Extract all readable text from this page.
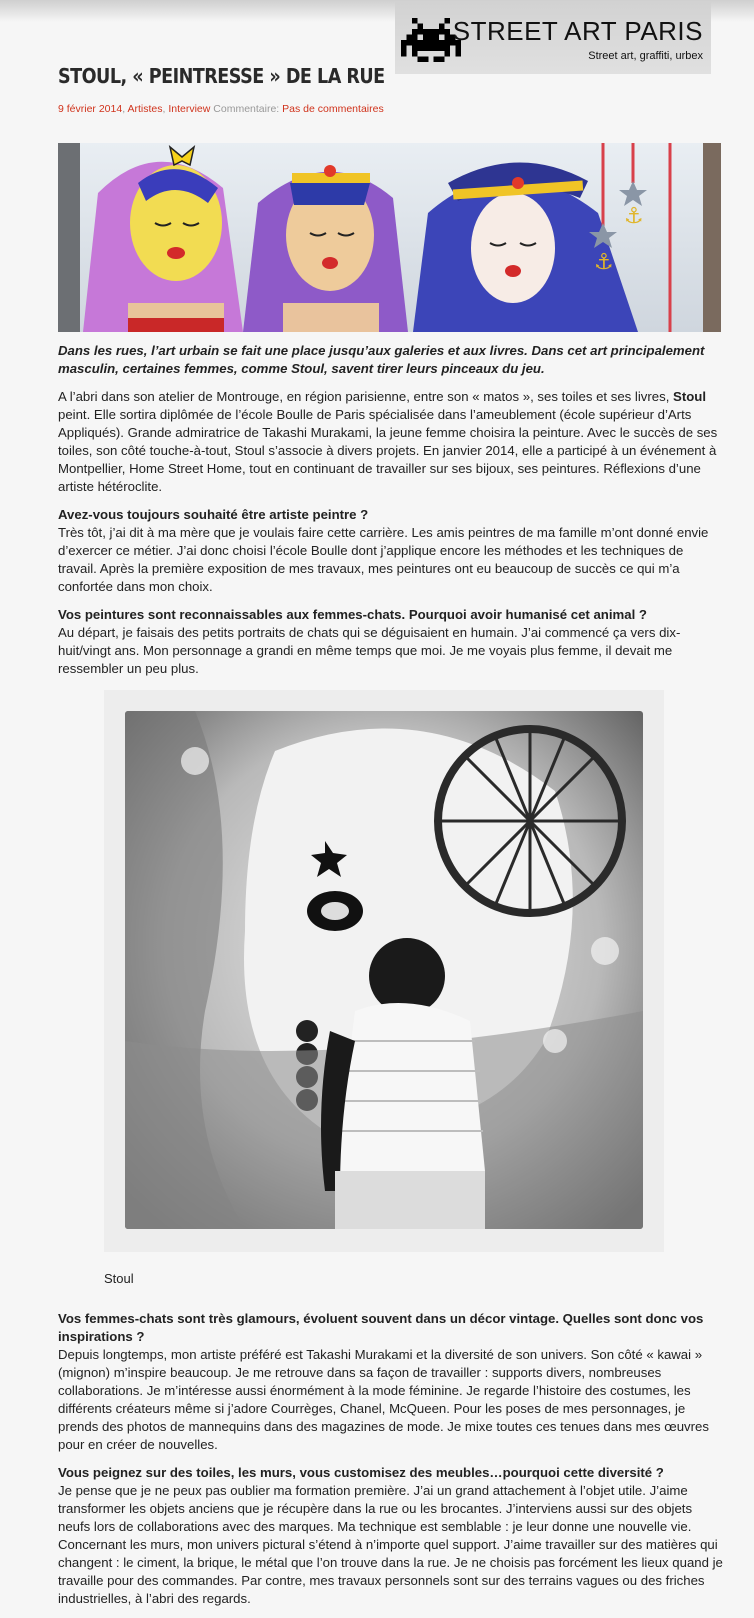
STREET ART PARIS
Street art, graffiti, urbex
STOUL, « PEINTRESSE » DE LA RUE
9 février 2014, Artistes, Interview Commentaire: Pas de commentaires
⚓
⚓

Dans les rues, l’art urbain se fait une place jusqu’aux galeries et aux livres. Dans cet art principalement masculin, certaines femmes, comme Stoul, savent tirer leurs pinceaux du jeu.

A l’abri dans son atelier de Montrouge, en région parisienne, entre son « matos », ses toiles et ses livres, Stoul peint. Elle sortira diplômée de l’école Boulle de Paris spécialisée dans l’ameublement (école supérieur d’Arts Appliqués). Grande admiratrice de Takashi Murakami, la jeune femme choisira la peinture. Avec le succès de ses toiles, son côté touche-à-tout, Stoul s’associe à divers projets. En janvier 2014, elle a participé à un événement à Montpellier, Home Street Home, tout en continuant de travailler sur ses bijoux, ses peintures. Réflexions d’une artiste hétéroclite.

Avez-vous toujours souhaité être artiste peintre ?
Très tôt, j’ai dit à ma mère que je voulais faire cette carrière. Les amis peintres de ma famille m’ont donné envie d’exercer ce métier. J’ai donc choisi l’école Boulle dont j’applique encore les méthodes et les techniques de travail. Après la première exposition de mes travaux, mes peintures ont eu beaucoup de succès ce qui m’a confortée dans mon choix.

Vos peintures sont reconnaissables aux femmes-chats. Pourquoi avoir humanisé cet animal ?
Au départ, je faisais des petits portraits de chats qui se déguisaient en humain. J’ai commencé ça vers dix-huit/vingt ans. Mon personnage a grandi en même temps que moi. Je me voyais plus femme, il devait me ressembler un peu plus.

Stoul

Vos femmes-chats sont très glamours, évoluent souvent dans un décor vintage. Quelles sont donc vos inspirations ?
Depuis longtemps, mon artiste préféré est Takashi Murakami et la diversité de son univers. Son côté « kawai » (mignon) m’inspire beaucoup. Je me retrouve dans sa façon de travailler : supports divers, nombreuses collaborations. Je m’intéresse aussi énormément à la mode féminine. Je regarde l’histoire des costumes, les différents créateurs même si j’adore Courrèges, Chanel, McQueen. Pour les poses de mes personnages, je prends des photos de mannequins dans des magazines de mode. Je mixe toutes ces tenues dans mes œuvres pour en créer de nouvelles.

Vous peignez sur des toiles, les murs, vous customisez des meubles…pourquoi cette diversité ?
Je pense que je ne peux pas oublier ma formation première. J’ai un grand attachement à l’objet utile. J’aime transformer les objets anciens que je récupère dans la rue ou les brocantes. J’interviens aussi sur des objets neufs lors de collaborations avec des marques. Ma technique est semblable : je leur donne une nouvelle vie. Concernant les murs, mon univers pictural s’étend à n’importe quel support. J’aime travailler sur des matières qui changent : le ciment, la brique, le métal que l’on trouve dans la rue. Je ne choisis pas forcément les lieux quand je travaille pour des commandes. Par contre, mes travaux personnels sont sur des terrains vagues ou des friches industrielles, à l’abri des regards.
